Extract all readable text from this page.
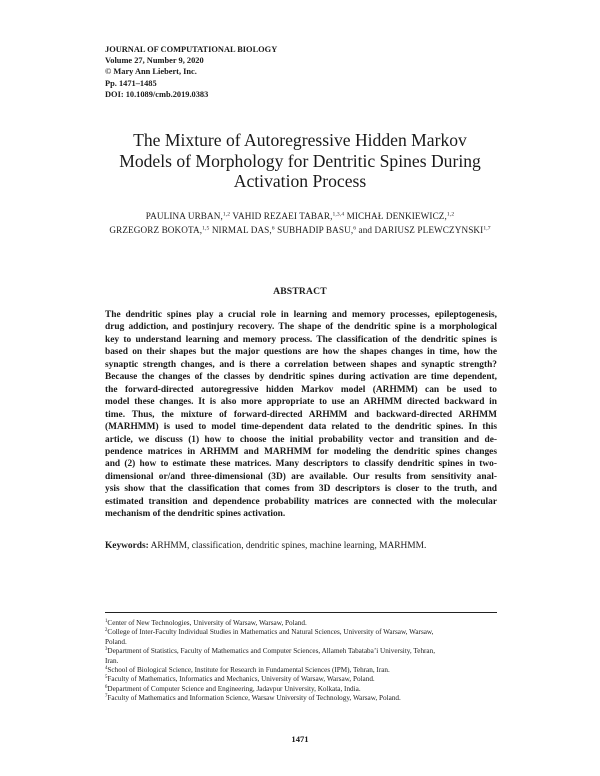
JOURNAL OF COMPUTATIONAL BIOLOGY
Volume 27, Number 9, 2020
© Mary Ann Liebert, Inc.
Pp. 1471–1485
DOI: 10.1089/cmb.2019.0383
The Mixture of Autoregressive Hidden Markov
Models of Morphology for Dentritic Spines During
Activation Process
PAULINA URBAN,$^{1,2}$ VAHID REZAEI TABAR,$^{1,3,4}$ MICHAŁ DENKIEWICZ,$^{1,2}$
GRZEGORZ BOKOTA,$^{1,5}$ NIRMAL DAS,$^6$ SUBHADIP BASU,$^6$ and DARIUSZ PLEWCZYNSKI$^{1,7}$
ABSTRACT
The dendritic spines play a crucial role in learning and memory processes, epileptogenesis,
drug addiction, and postinjury recovery. The shape of the dendritic spine is a morphological
key to understand learning and memory process. The classification of the dendritic spines is
based on their shapes but the major questions are how the shapes changes in time, how the
synaptic strength changes, and is there a correlation between shapes and synaptic strength?
Because the changes of the classes by dendritic spines during activation are time dependent,
the forward-directed autoregressive hidden Markov model (ARHMM) can be used to
model these changes. It is also more appropriate to use an ARHMM directed backward in
time. Thus, the mixture of forward-directed ARHMM and backward-directed ARHMM
(MARHMM) is used to model time-dependent data related to the dendritic spines. In this
article, we discuss (1) how to choose the initial probability vector and transition and de-
pendence matrices in ARHMM and MARHMM for modeling the dendritic spines changes
and (2) how to estimate these matrices. Many descriptors to classify dendritic spines in two-
dimensional or/and three-dimensional (3D) are available. Our results from sensitivity anal-
ysis show that the classification that comes from 3D descriptors is closer to the truth, and
estimated transition and dependence probability matrices are connected with the molecular
mechanism of the dendritic spines activation.
Keywords: ARHMM, classification, dendritic spines, machine learning, MARHMM.
$^1$Center of New Technologies, University of Warsaw, Warsaw, Poland.
$^2$College of Inter-Faculty Individual Studies in Mathematics and Natural Sciences, University of Warsaw, Warsaw,
Poland.
$^3$Department of Statistics, Faculty of Mathematics and Computer Sciences, Allameh Tabataba’i University, Tehran,
Iran.
$^4$School of Biological Science, Institute for Research in Fundamental Sciences (IPM), Tehran, Iran.
$^5$Faculty of Mathematics, Informatics and Mechanics, University of Warsaw, Warsaw, Poland.
$^6$Department of Computer Science and Engineering, Jadavpur University, Kolkata, India.
$^7$Faculty of Mathematics and Information Science, Warsaw University of Technology, Warsaw, Poland.
1471
